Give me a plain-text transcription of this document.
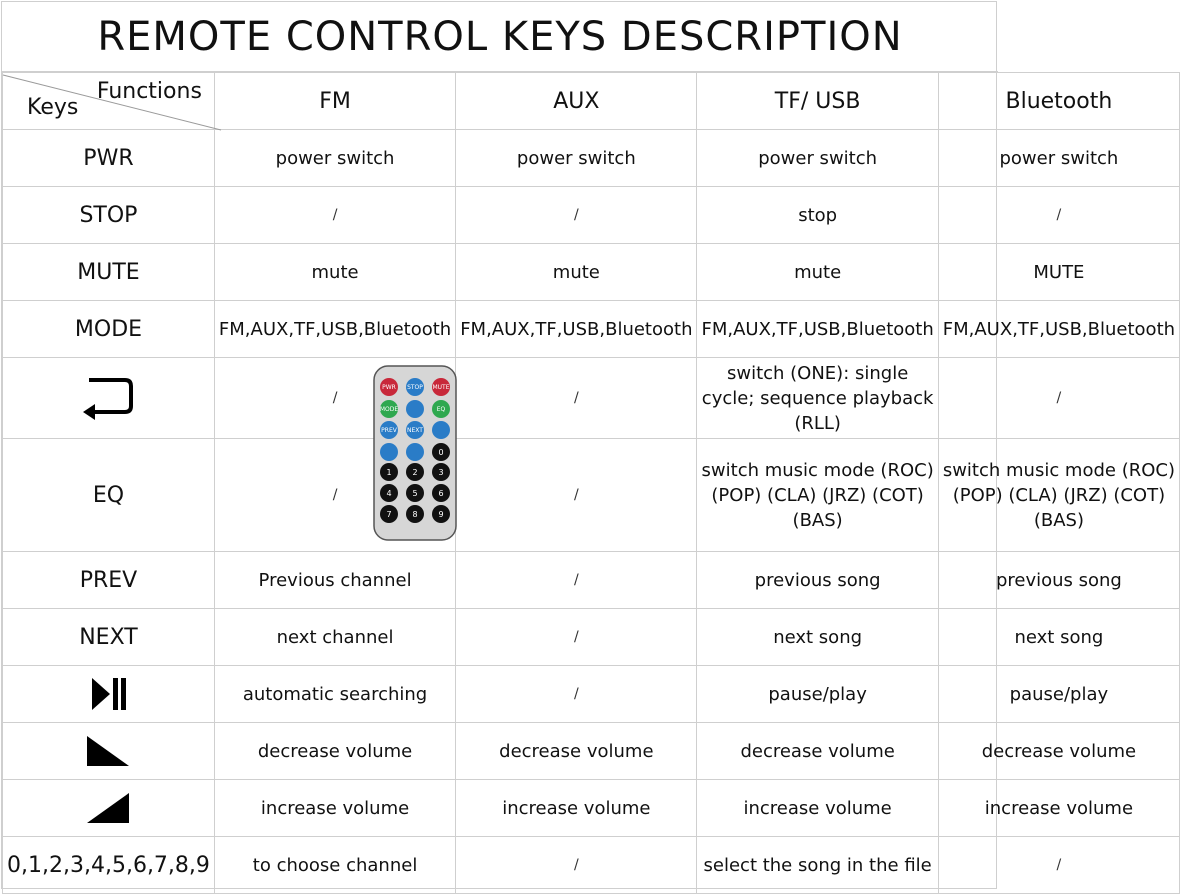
REMOTE CONTROL KEYS DESCRIPTION
Functions
Keys	FM	AUX	TF/ USB	Bluetooth
PWR	power switch	power switch	power switch	power switch
STOP	/	/	stop	/
MUTE	mute	mute	mute	MUTE
MODE	FM,AUX,TF,USB,Bluetooth	FM,AUX,TF,USB,Bluetooth	FM,AUX,TF,USB,Bluetooth	FM,AUX,TF,USB,Bluetooth
	/	/	switch (ONE): single cycle; sequence playback (RLL)	/
EQ	/	/	switch music mode (ROC) (POP) (CLA) (JRZ) (COT) (BAS)	switch music mode (ROC) (POP) (CLA) (JRZ) (COT) (BAS)
PREV	Previous channel	/	previous song	previous song
NEXT	next channel	/	next song	next song
	automatic searching	/	pause/play	pause/play
	decrease volume	decrease volume	decrease volume	decrease volume
	increase volume	increase volume	increase volume	increase volume
0,1,2,3,4,5,6,7,8,9	to choose channel	/	select the song in the file	/
PWR STOP MUTE
MODE	EQ
PREV NEXT
0
1	2	3
4	5	6
7	8	9
